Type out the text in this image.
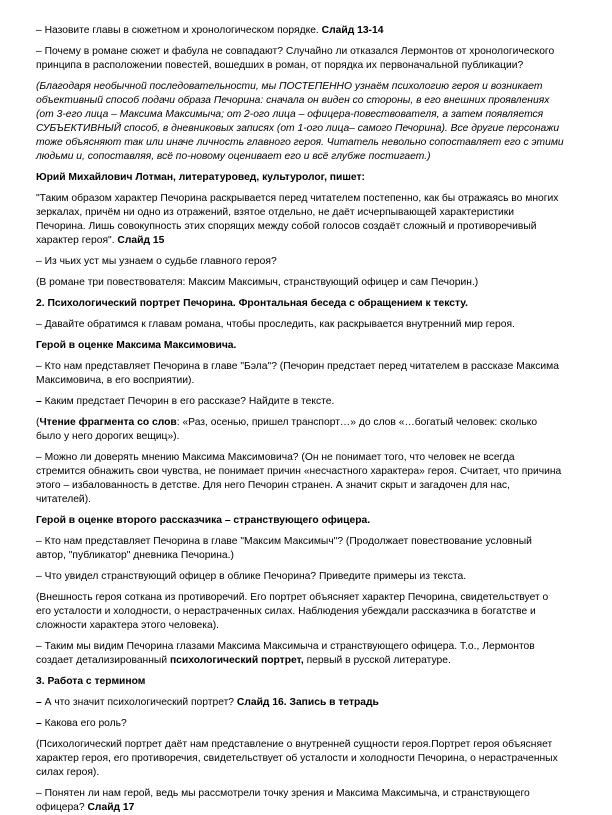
– Назовите главы в сюжетном и хронологическом порядке. Слайд 13-14

– Почему в романе сюжет и фабула не совпадают? Случайно ли отказался Лермонтов от хронологического принципа в расположении повестей, вошедших в роман, от порядка их первоначальной публикации?

(Благодаря необычной последовательности, мы ПОСТЕПЕННО узнаём психологию героя и возникает объективный способ подачи образа Печорина: сначала он виден со стороны, в его внешних проявлениях (от 3-его лица – Максима Максимыча; от 2-ого лица – офицера-повествователя, а затем появляется СУБЪЕКТИВНЫЙ способ, в дневниковых записях (от 1-ого лица– самого Печорина). Все другие персонажи тоже объясняют так или иначе личность главного героя. Читатель невольно сопоставляет его с этими людьми и, сопоставляя, всё по-новому оценивает его и всё глубже постигает.)

Юрий Михайлович Лотман, литературовед, культуролог, пишет:

"Таким образом характер Печорина раскрывается перед читателем постепенно, как бы отражаясь во многих зеркалах, причём ни одно из отражений, взятое отдельно, не даёт исчерпывающей характеристики Печорина. Лишь совокупность этих спорящих между собой голосов создаёт сложный и противоречивый характер героя". Слайд 15

– Из чьих уст мы узнаем о судьбе главного героя?

(В романе три повествователя: Максим Максимыч, странствующий офицер и сам Печорин.)

2. Психологический портрет Печорина. Фронтальная беседа с обращением к тексту.

– Давайте обратимся к главам романа, чтобы проследить, как раскрывается внутренний мир героя.

Герой в оценке Максима Максимовича.

– Кто нам представляет Печорина в главе "Бэла"? (Печорин предстает перед читателем в рассказе Максима Максимовича, в его восприятии).

– Каким предстает Печорин в его рассказе? Найдите в тексте.

(Чтение фрагмента со слов: «Раз, осенью, пришел транспорт…» до слов «…богатый человек: сколько было у него дорогих вещиц»).

– Можно ли доверять мнению Максима Максимовича? (Он не понимает того, что человек не всегда стремится обнажить свои чувства, не понимает причин «несчастного характера» героя. Считает, что причина этого – избалованность в детстве. Для него Печорин странен. А значит скрыт и загадочен для нас, читателей).

Герой в оценке второго рассказчика – странствующего офицера.

– Кто нам представляет Печорина в главе "Максим Максимыч"? (Продолжает повествование условный автор, "публикатор" дневника Печорина.)

– Что увидел странствующий офицер в облике Печорина? Приведите примеры из текста.

(Внешность героя соткана из противоречий. Его портрет объясняет характер Печорина, свидетельствует о его усталости и холодности, о нерастраченных силах. Наблюдения убеждали рассказчика в богатстве и сложности характера этого человека).

– Таким мы видим Печорина глазами Максима Максимыча и странствующего офицера. Т.о., Лермонтов создает детализированный психологический портрет, первый в русской литературе.

3. Работа с термином

– А что значит психологический портрет? Слайд 16. Запись в тетрадь

– Какова его роль?

(Психологический портрет даёт нам представление о внутренней сущности героя.Портрет героя объясняет характер героя, его противоречия, свидетельствует об усталости и холодности Печорина, о нерастраченных силах героя).

– Понятен ли нам герой, ведь мы рассмотрели точку зрения и Максима Максимыча, и странствующего офицера? Слайд 17
